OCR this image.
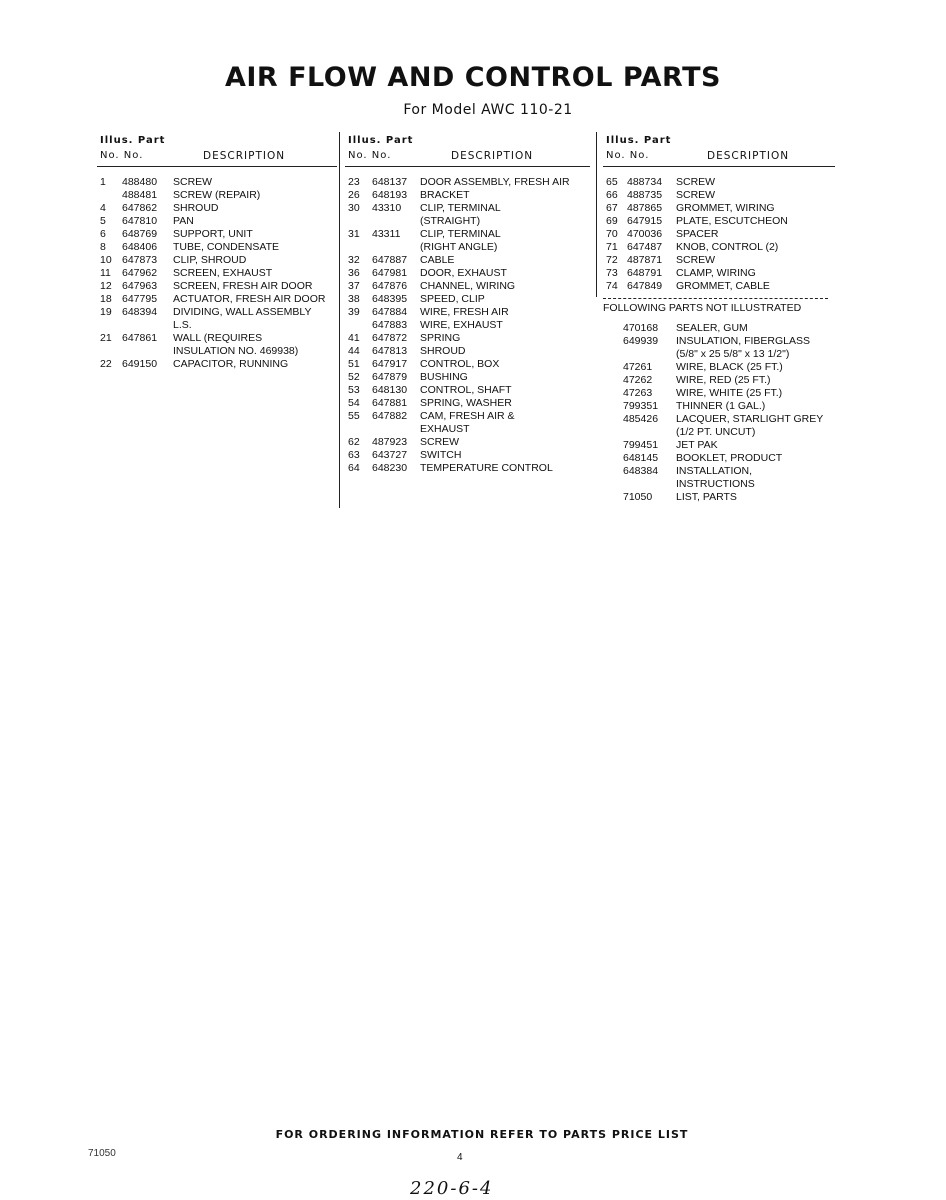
AIR FLOW AND CONTROL PARTS
For Model AWC 110-21
Illus. Part
No. No.	DESCRIPTION
1 488480 SCREW
488481 SCREW (REPAIR)
4 647862 SHROUD
5 647810 PAN
6 648769 SUPPORT, UNIT
8 648406 TUBE, CONDENSATE
10 647873 CLIP, SHROUD
11 647962 SCREEN, EXHAUST
12 647963 SCREEN, FRESH AIR DOOR
18 647795 ACTUATOR, FRESH AIR DOOR
19 648394 DIVIDING, WALL ASSEMBLY
L.S.
21 647861 WALL (REQUIRES
INSULATION NO. 469938)
22 649150 CAPACITOR, RUNNING
Illus. Part
No. No.	DESCRIPTION
23 648137 DOOR ASSEMBLY, FRESH AIR
26 648193 BRACKET
30 43310 CLIP, TERMINAL
(STRAIGHT)
31 43311 CLIP, TERMINAL
(RIGHT ANGLE)
32 647887 CABLE
36 647981 DOOR, EXHAUST
37 647876 CHANNEL, WIRING
38 648395 SPEED, CLIP
39 647884 WIRE, FRESH AIR
647883 WIRE, EXHAUST
41 647872 SPRING
44 647813 SHROUD
51 647917 CONTROL, BOX
52 647879 BUSHING
53 648130 CONTROL, SHAFT
54 647881 SPRING, WASHER
55 647882 CAM, FRESH AIR &
EXHAUST
62 487923 SCREW
63 643727 SWITCH
64 648230 TEMPERATURE CONTROL
Illus. Part
No. No.	DESCRIPTION
65 488734 SCREW
66 488735 SCREW
67 487865 GROMMET, WIRING
69 647915 PLATE, ESCUTCHEON
70 470036 SPACER
71 647487 KNOB, CONTROL (2)
72 487871 SCREW
73 648791 CLAMP, WIRING
74 647849 GROMMET, CABLE
FOLLOWING PARTS NOT ILLUSTRATED
470168 SEALER, GUM
649939 INSULATION, FIBERGLASS
(5/8" x 25 5/8" x 13 1/2")
47261 WIRE, BLACK (25 FT.)
47262 WIRE, RED (25 FT.)
47263 WIRE, WHITE (25 FT.)
799351 THINNER (1 GAL.)
485426 LACQUER, STARLIGHT GREY
(1/2 PT. UNCUT)
799451 JET PAK
648145 BOOKLET, PRODUCT
648384 INSTALLATION,
INSTRUCTIONS
71050 LIST, PARTS
FOR ORDERING INFORMATION REFER TO PARTS PRICE LIST
71050	4
220-6-4
